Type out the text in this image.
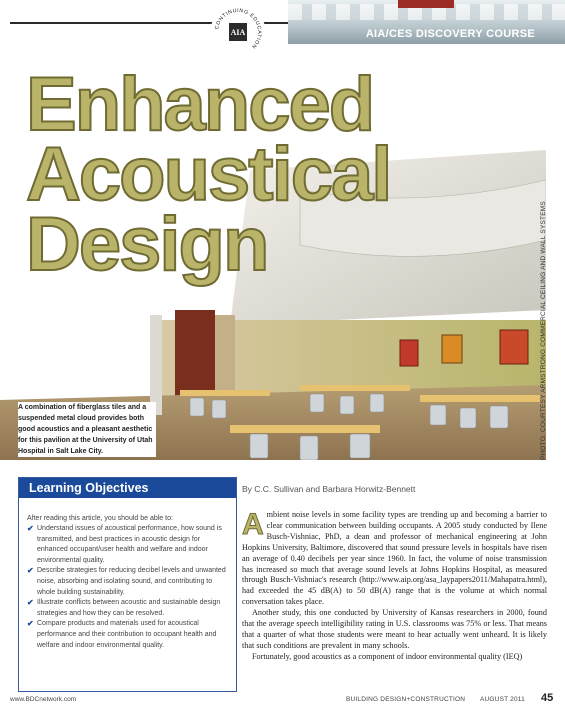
CONTINUING EDUCATION
AIA	AIA/CES DISCOVERY COURSE
PHOTO: COURTESY ARMSTRONG COMMERCIAL CEILING AND WALL SYSTEMS
Enhanced
Acoustical
Design
A combination of fiberglass tiles and a suspended metal cloud provides both good acoustics and a pleasant aesthetic for this pavilion at the University of Utah Hospital in Salt Lake City.
Learning Objectives
After reading this article, you should be able to:
✔ Understand issues of acoustical performance, how sound is transmitted, and best practices in acoustic design for enhanced occupant/user health and welfare and indoor environmental quality.
✔ Describe strategies for reducing decibel levels and unwanted noise, absorbing and isolating sound, and contributing to whole building sustainability.
✔ Illustrate conflicts between acoustic and sustainable design strategies and how they can be resolved.
✔ Compare products and materials used for acoustical performance and their contribution to occupant health and welfare and indoor environmental quality.
By C.C. Sullivan and Barbara Horwitz-Bennett

Ambient noise levels in some facility types are trending up and becoming a barrier to clear communication between building occupants. A 2005 study conducted by Ilene Busch-Vishniac, PhD, a dean and professor of mechanical engineering at John Hopkins University, Baltimore, discovered that sound pressure levels in hospitals have risen an average of 0.40 decibels per year since 1960. In fact, the volume of noise transmission has increased so much that average sound levels at Johns Hopkins Hospital, as measured through Busch-Vishniac's research (http://www.aip.org/asa_laypapers2011/Mahapatra.html), had exceeded the 45 dB(A) to 50 dB(A) range that is the volume at which normal conversation takes place.

Another study, this one conducted by University of Kansas researchers in 2000, found that the average speech intelligibility rating in U.S. classrooms was 75% or less. That means that a quarter of what those students were meant to hear actually went unheard. It is likely that such conditions are prevalent in many schools.

Fortunately, good acoustics as a component of indoor environmental quality (IEQ)

www.BDCnetwork.com	BUILDING DESIGN+CONSTRUCTION AUGUST 2011 45
